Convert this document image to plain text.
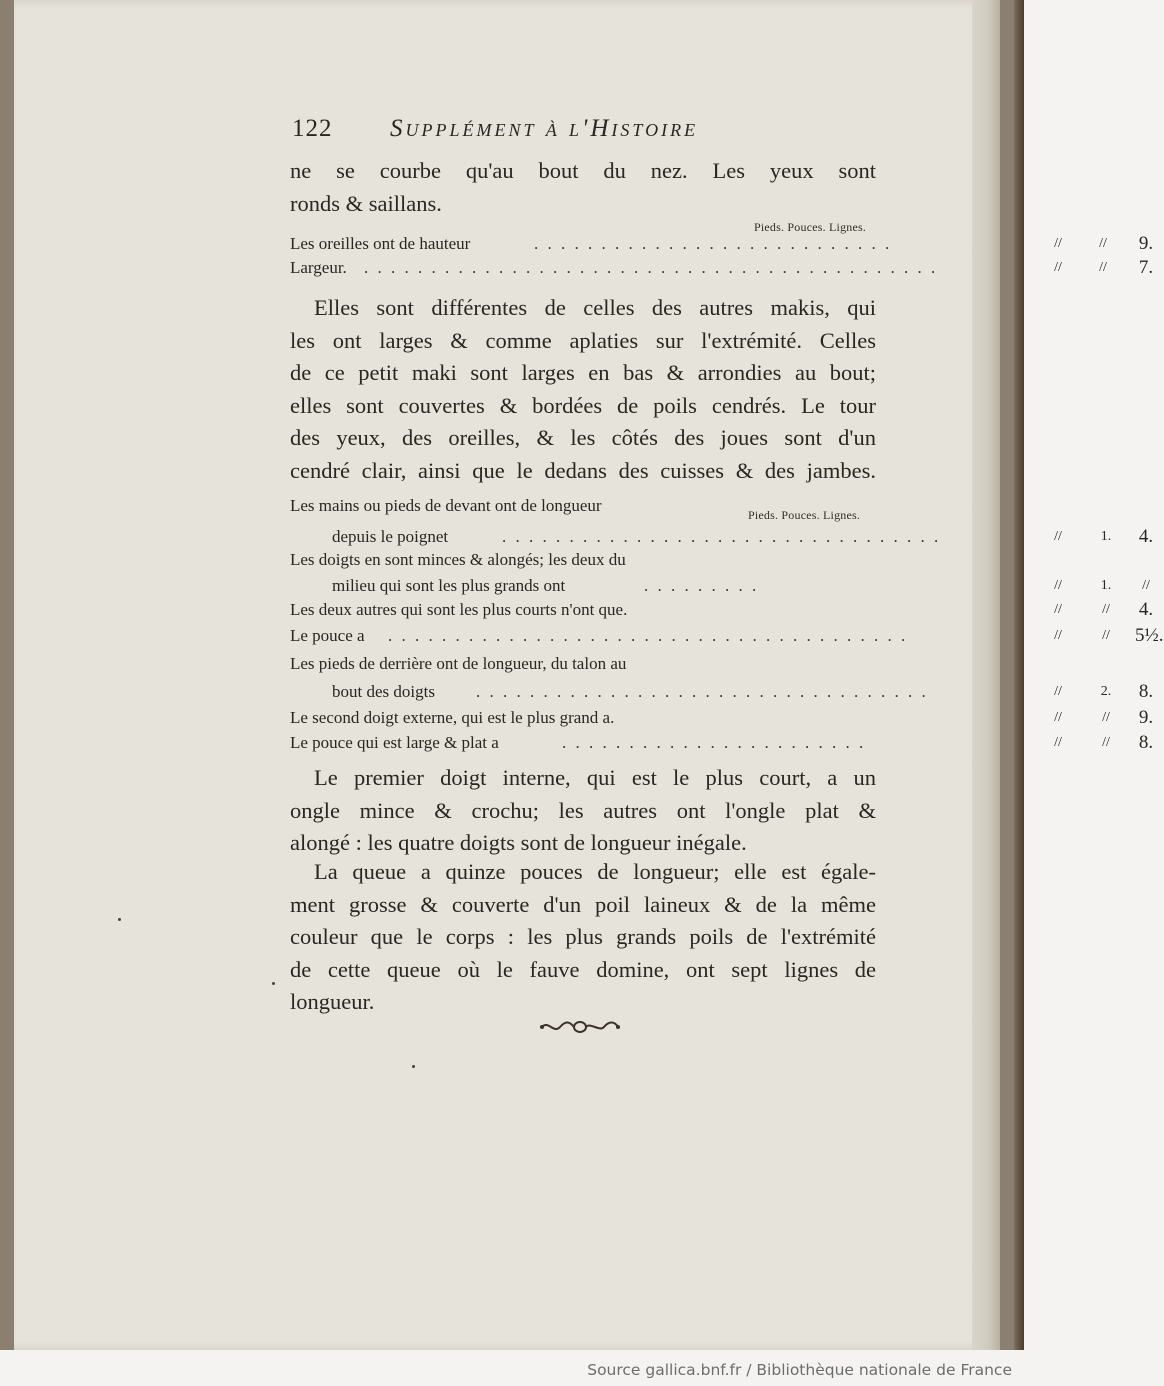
122 Supplément à l'Histoire
ne se courbe qu'au bout du nez. Les yeux sont
ronds & saillans.
Pieds. Pouces. Lignes.
Les oreilles ont de hauteur	. . . . . . . . . . . . . . . . . . . . . . . . . . .	//	//	9.
Largeur. . . . . . . . . . . . . . . . . . . . . . . . . . . . . . . . . . . . . . . . . . . .	//	//	7.
Elles sont différentes de celles des autres makis, qui
les ont larges & comme aplaties sur l'extrémité. Celles
de ce petit maki sont larges en bas & arrondies au bout;
elles sont couvertes & bordées de poils cendrés. Le tour
des yeux, des oreilles, & les côtés des joues sont d'un
cendré clair, ainsi que le dedans des cuisses & des jambes.
Pieds. Pouces. Lignes.
Les mains ou pieds de devant ont de longueur
depuis le poignet	. . . . . . . . . . . . . . . . . . . . . . . . . . . . . . . . .	//	1.	4.
Les doigts en sont minces & alongés; les deux du
milieu qui sont les plus grands ont	. . . . . . . . .	//	1.	//
Les deux autres qui sont les plus courts n'ont que.	//	//	4.
Le pouce a . . . . . . . . . . . . . . . . . . . . . . . . . . . . . . . . . . . . . . .	//	//	5½.
Les pieds de derrière ont de longueur, du talon au
bout des doigts . . . . . . . . . . . . . . . . . . . . . . . . . . . . . . . . . .	//	2.	8.
Le second doigt externe, qui est le plus grand a.	//	//	9.
Le pouce qui est large & plat a	. . . . . . . . . . . . . . . . . . . . . . .	//	//	8.
Le premier doigt interne, qui est le plus court, a un
ongle mince & crochu; les autres ont l'ongle plat &
alongé : les quatre doigts sont de longueur inégale.
La queue a quinze pouces de longueur; elle est égale-
ment grosse & couverte d'un poil laineux & de la même
couleur que le corps : les plus grands poils de l'extrémité
de cette queue où le fauve domine, ont sept lignes de
longueur.
Source gallica.bnf.fr / Bibliothèque nationale de France
